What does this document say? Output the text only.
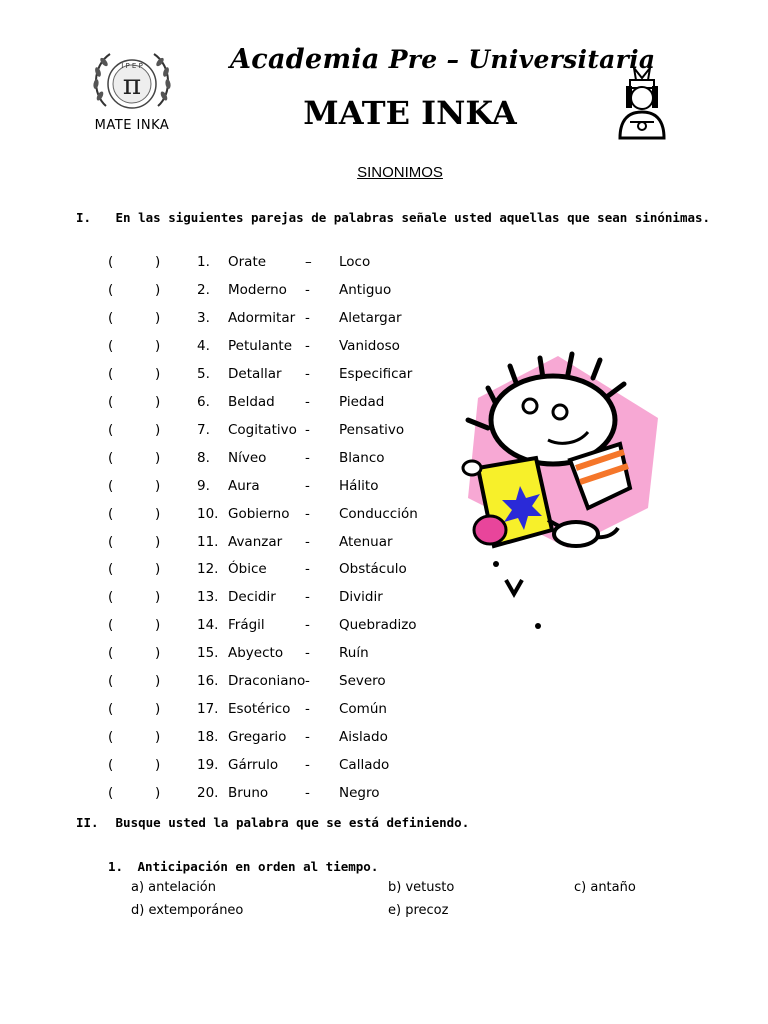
π
I P E P
MATE INKA
Academia Pre – Universitaria
MATE INKA
SINONIMOS
I. En las siguientes parejas de palabras señale usted aquellas que sean sinónimas.
(	)	1. Orate	– Loco
(	)	2. Moderno - Antiguo
(	)	3. Adormitar - Aletargar
(	)	4. Petulante - Vanidoso
(	)	5. Detallar - Especificar
(	)	6. Beldad - Piedad
(	)	7. Cogitativo - Pensativo
(	)	8. Níveo	- Blanco
(	)	9. Aura	- Hálito
(	)	10. Gobierno - Conducción
(	)	11. Avanzar - Atenuar
(	)	12. Óbice	- Obstáculo
(	)	13. Decidir - Dividir
(	)	14. Frágil	- Quebradizo
(	)	15. Abyecto - Ruín
(	)	16. Draconiano - Severo
(	)	17. Esotérico - Común
(	)	18. Gregario - Aislado
(	)	19. Gárrulo - Callado
(	)	20. Bruno	- Negro
II. Busque usted la palabra que se está definiendo.
1. Anticipación en orden al tiempo.
a) antelación	b) vetusto	c) antaño
d) extemporáneo	e) precoz
